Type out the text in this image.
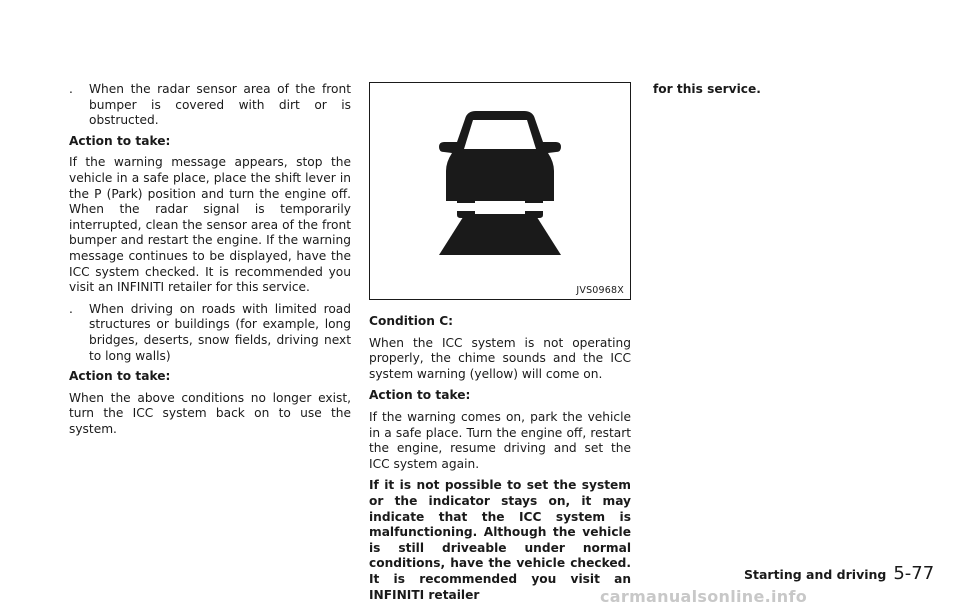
. When the radar sensor area of the front bumper is covered with dirt or is obstructed.
Action to take:
If the warning message appears, stop the vehicle in a safe place, place the shift lever in the P (Park) position and turn the engine off. When the radar signal is temporarily interrupted, clean the sensor area of the front bumper and restart the engine. If the warning message continues to be displayed, have the ICC system checked. It is recommended you visit an INFINITI retailer for this service.
. When driving on roads with limited road structures or buildings (for example, long bridges, deserts, snow fields, driving next to long walls)
Action to take:
When the above conditions no longer exist, turn the ICC system back on to use the system.
JVS0968X
Condition C:
When the ICC system is not operating properly, the chime sounds and the ICC system warning (yellow) will come on.
Action to take:
If the warning comes on, park the vehicle in a safe place. Turn the engine off, restart the engine, resume driving and set the ICC system again.
If it is not possible to set the system or the indicator stays on, it may indicate that the ICC system is malfunctioning. Although the vehicle is still driveable under normal conditions, have the vehicle checked. It is recommended you visit an INFINITI retailer
for this service.
Starting and driving 5-77
carmanualsonline.info
